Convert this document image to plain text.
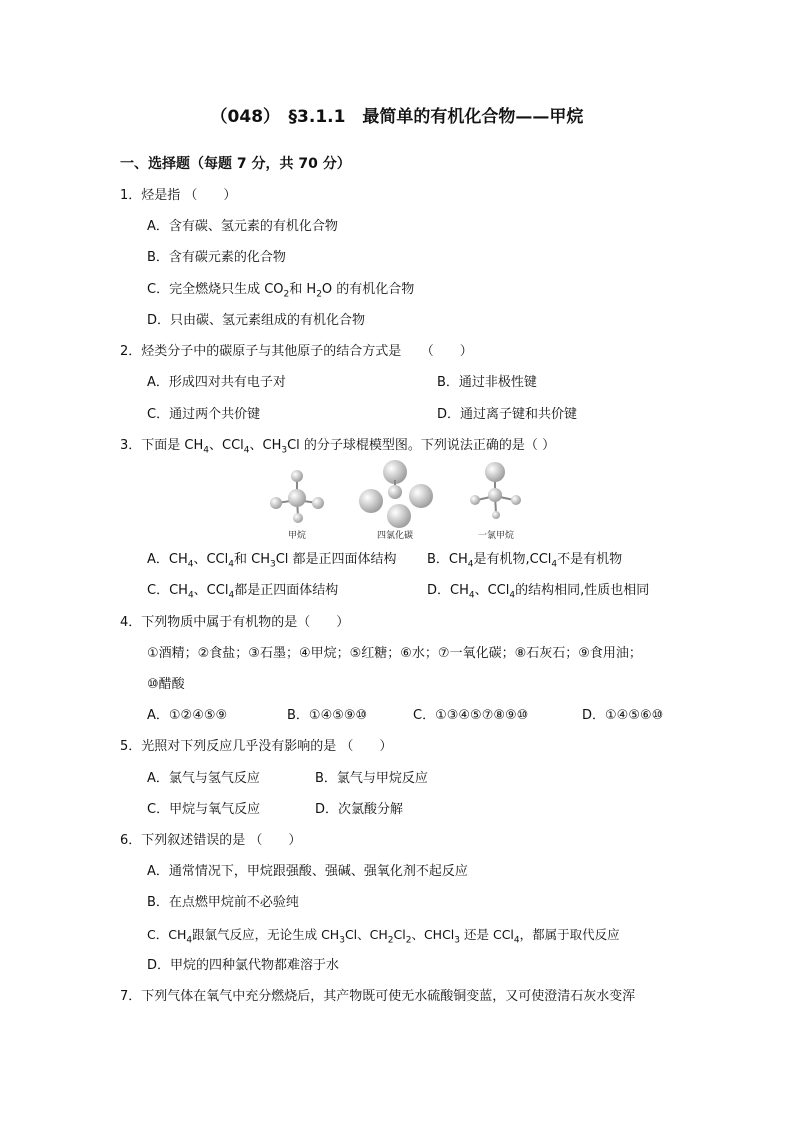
（048）　§3.1.1　最简单的有机化合物——甲烷
一、选择题（每题 7 分，共 70 分）
1．烃是指 （　　）
A．含有碳、氢元素的有机化合物
B．含有碳元素的化合物
C．完全燃烧只生成 $CO_2$和 $H_2O$ 的有机化合物
D．只由碳、氢元素组成的有机化合物
2．烃类分子中的碳原子与其他原子的结合方式是　　（　　）
A．形成四对共有电子对	B．通过非极性键
C．通过两个共价键	D．通过离子键和共价键
3．下面是 $CH_4$、CCl$_4$、$CH_3Cl$ 的分子球棍模型图。下列说法正确的是（ ）
甲烷	四氯化碳	一氯甲烷
A．$CH_4$、CCl$_4$和 $CH_3Cl$ 都是正四面体结构 B．$CH_4$是有机物,CCl$_4$不是有机物
C．$CH_4$、CCl$_4$都是正四面体结构	D．$CH_4$、CCl$_4$的结构相同,性质也相同
4．下列物质中属于有机物的是（　　）
①酒精；②食盐；③石墨；④甲烷；⑤红糖；⑥水；⑦一氧化碳；⑧石灰石；⑨食用油；
⑩醋酸
A．①②④⑤⑨	B．①④⑤⑨⑩	C．①③④⑤⑦⑧⑨⑩	D．①④⑤⑥⑩
5．光照对下列反应几乎没有影响的是 （　　）
A．氯气与氢气反应	B．氯气与甲烷反应
C．甲烷与氧气反应	D．次氯酸分解
6．下列叙述错误的是 （　　）
A．通常情况下，甲烷跟强酸、强碱、强氧化剂不起反应
B．在点燃甲烷前不必验纯
C．$CH_4$跟氯气反应，无论生成 $CH_3Cl$、$CH_2Cl_2$、CHCl$_3$ 还是 CCl$_4$，都属于取代反应
D．甲烷的四种氯代物都难溶于水
7．下列气体在氧气中充分燃烧后，其产物既可使无水硫酸铜变蓝，又可使澄清石灰水变浑
